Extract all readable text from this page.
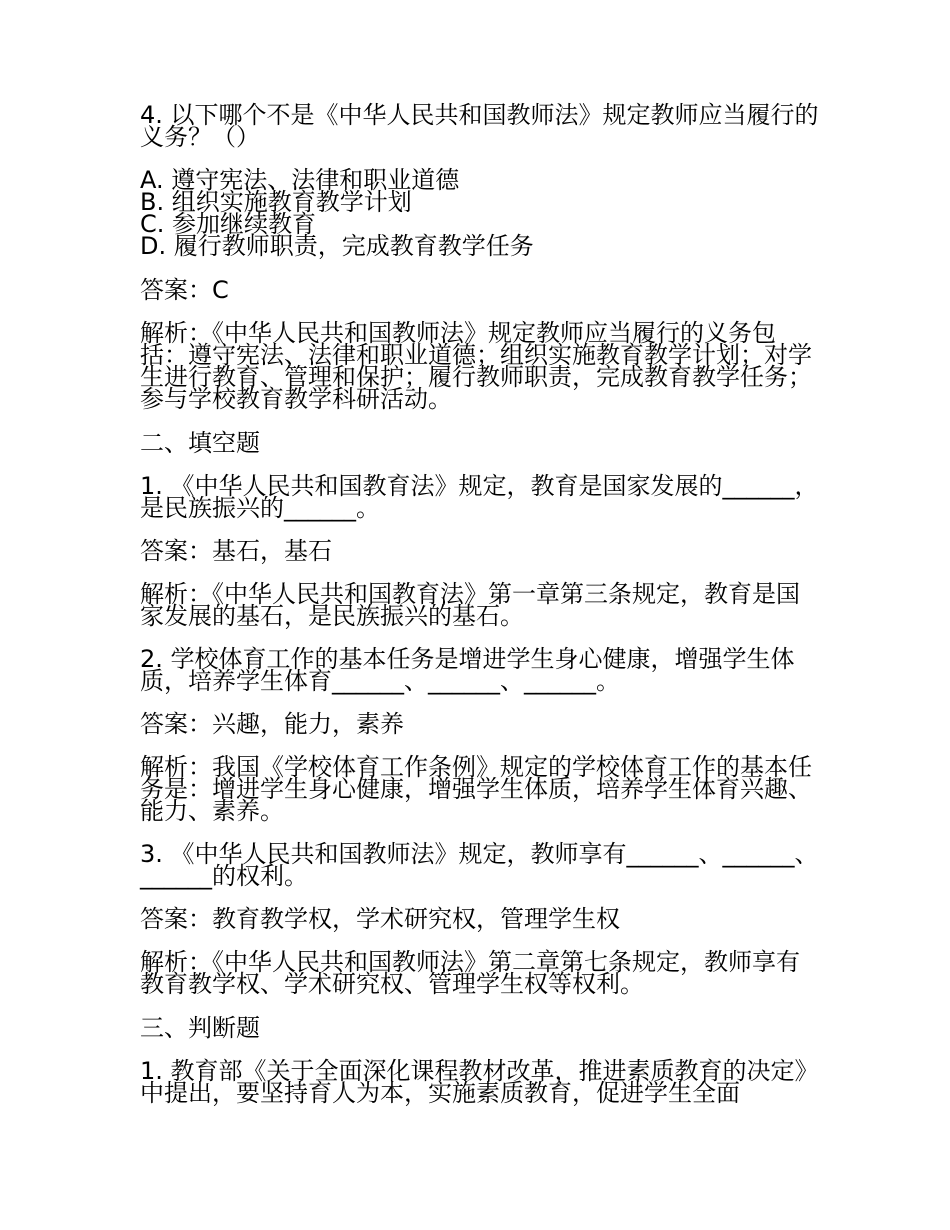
4. 以下哪个不是《中华人民共和国教师法》规定教师应当履行的义务？（）
A. 遵守宪法、法律和职业道德
B. 组织实施教育教学计划
C. 参加继续教育
D. 履行教师职责，完成教育教学任务
答案：C
解析：《中华人民共和国教师法》规定教师应当履行的义务包括：遵守宪法、法律和职业道德；组织实施教育教学计划；对学生进行教育、管理和保护；履行教师职责，完成教育教学任务；参与学校教育教学科研活动。
二、填空题
1. 《中华人民共和国教育法》规定，教育是国家发展的______，是民族振兴的______。
答案：基石，基石
解析：《中华人民共和国教育法》第一章第三条规定，教育是国家发展的基石，是民族振兴的基石。
2. 学校体育工作的基本任务是增进学生身心健康，增强学生体质，培养学生体育______、______、______。
答案：兴趣，能力，素养
解析：我国《学校体育工作条例》规定的学校体育工作的基本任务是：增进学生身心健康，增强学生体质，培养学生体育兴趣、能力、素养。
3. 《中华人民共和国教师法》规定，教师享有______、______、______的权利。
答案：教育教学权，学术研究权，管理学生权
解析：《中华人民共和国教师法》第二章第七条规定，教师享有教育教学权、学术研究权、管理学生权等权利。
三、判断题
1. 教育部《关于全面深化课程教材改革，推进素质教育的决定》中提出，要坚持育人为本，实施素质教育，促进学生全面
